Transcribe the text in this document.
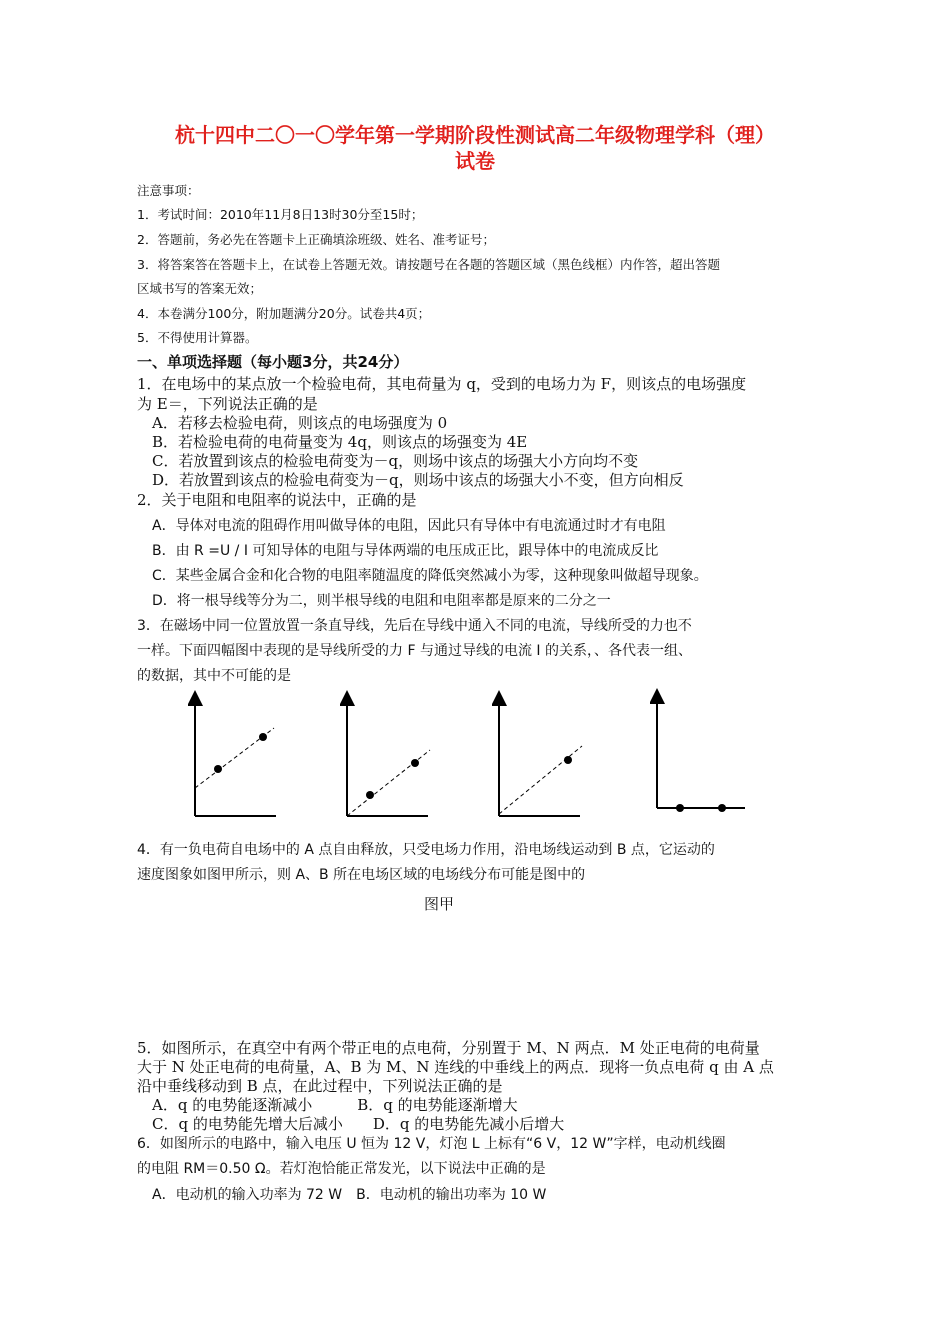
杭十四中二〇一〇学年第一学期阶段性测试高二年级物理学科（理）
试卷
注意事项：
1．考试时间：2010年11月8日13时30分至15时；
2．答题前，务必先在答题卡上正确填涂班级、姓名、准考证号；
3．将答案答在答题卡上，在试卷上答题无效。请按题号在各题的答题区域（黑色线框）内作答，超出答题
区域书写的答案无效；
4．本卷满分100分，附加题满分20分。试卷共4页；
5．不得使用计算器。
一、单项选择题（每小题3分，共24分）
1．在电场中的某点放一个检验电荷，其电荷量为 q，受到的电场力为 F，则该点的电场强度
为 E＝，下列说法正确的是
A．若移去检验电荷，则该点的电场强度为 0
B．若检验电荷的电荷量变为 4q，则该点的场强变为 4E
C．若放置到该点的检验电荷变为－q，则场中该点的场强大小方向均不变
D．若放置到该点的检验电荷变为－q，则场中该点的场强大小不变，但方向相反
2．关于电阻和电阻率的说法中，正确的是
A．导体对电流的阻碍作用叫做导体的电阻，因此只有导体中有电流通过时才有电阻
B．由 R =U / I 可知导体的电阻与导体两端的电压成正比，跟导体中的电流成反比
C．某些金属合金和化合物的电阻率随温度的降低突然减小为零，这种现象叫做超导现象。
D．将一根导线等分为二，则半根导线的电阻和电阻率都是原来的二分之一
3．在磁场中同一位置放置一条直导线，先后在导线中通入不同的电流，导线所受的力也不
一样。下面四幅图中表现的是导线所受的力 F 与通过导线的电流 I 的关系，、各代表一组、
的数据，其中不可能的是
4．有一负电荷自电场中的 A 点自由释放，只受电场力作用，沿电场线运动到 B 点，它运动的
速度图象如图甲所示，则 A、B 所在电场区域的电场线分布可能是图中的
图甲
5．如图所示，在真空中有两个带正电的点电荷，分别置于 M、N 两点．M 处正电荷的电荷量
大于 N 处正电荷的电荷量，A、B 为 M、N 连线的中垂线上的两点．现将一负点电荷 q 由 A 点
沿中垂线移动到 B 点，在此过程中，下列说法正确的是
A．q 的电势能逐渐减小　　　B．q 的电势能逐渐增大
C．q 的电势能先增大后减小　　D．q 的电势能先减小后增大
6．如图所示的电路中，输入电压 U 恒为 12 V，灯泡 L 上标有“6 V，12 W”字样，电动机线圈
的电阻 RM＝0.50 Ω。若灯泡恰能正常发光，以下说法中正确的是
A．电动机的输入功率为 72 W　B．电动机的输出功率为 10 W
